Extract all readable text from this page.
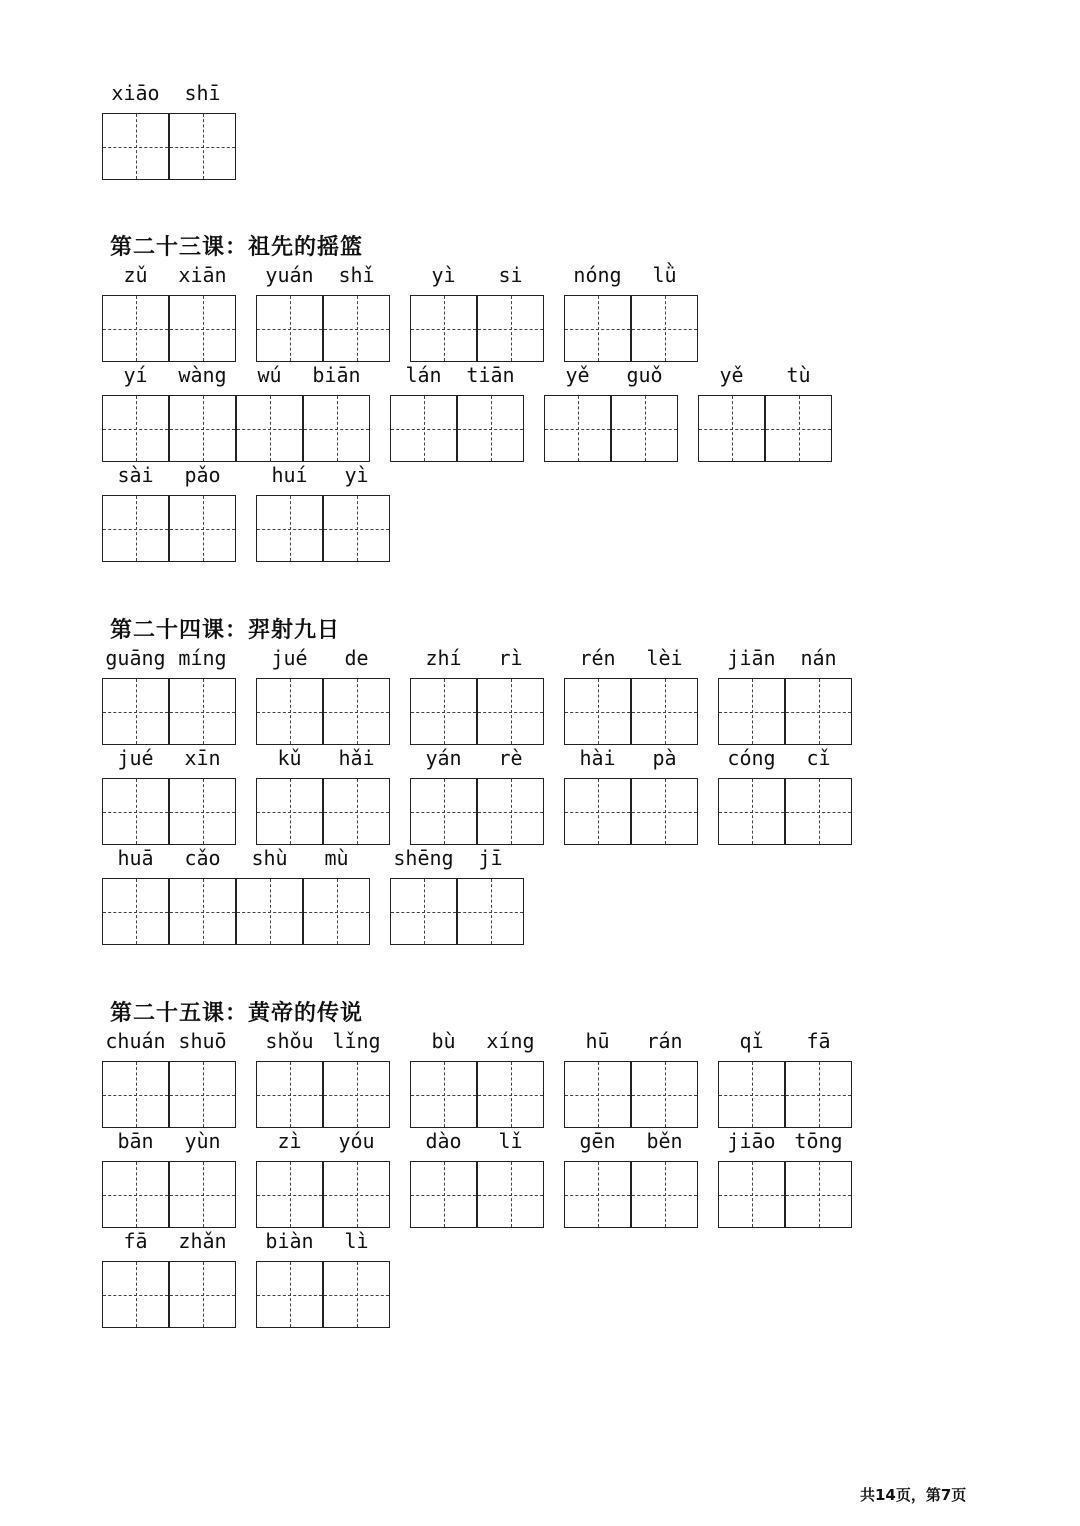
xiāo	shī
第二十三课：祖先的摇篮
zǔ	xiān	yuán	shǐ	yì	si	nóng	lǜ
yí	wàng	wú	biān	lán	tiān	yě	guǒ	yě	tù
sài	pǎo	huí	yì
第二十四课：羿射九日
guāng míng	jué	de	zhí	rì	rén	lèi	jiān	nán
jué	xīn	kǔ	hǎi	yán	rè	hài	pà	cóng	cǐ
huā	cǎo	shù	mù	shēng	jī
第二十五课：黄帝的传说
chuán shuō	shǒu lǐng	bù	xíng	hū	rán	qǐ	fā
bān	yùn	zì	yóu	dào	lǐ	gēn	běn	jiāo tōng
fā	zhǎn	biàn	lì
共14页，第7页
